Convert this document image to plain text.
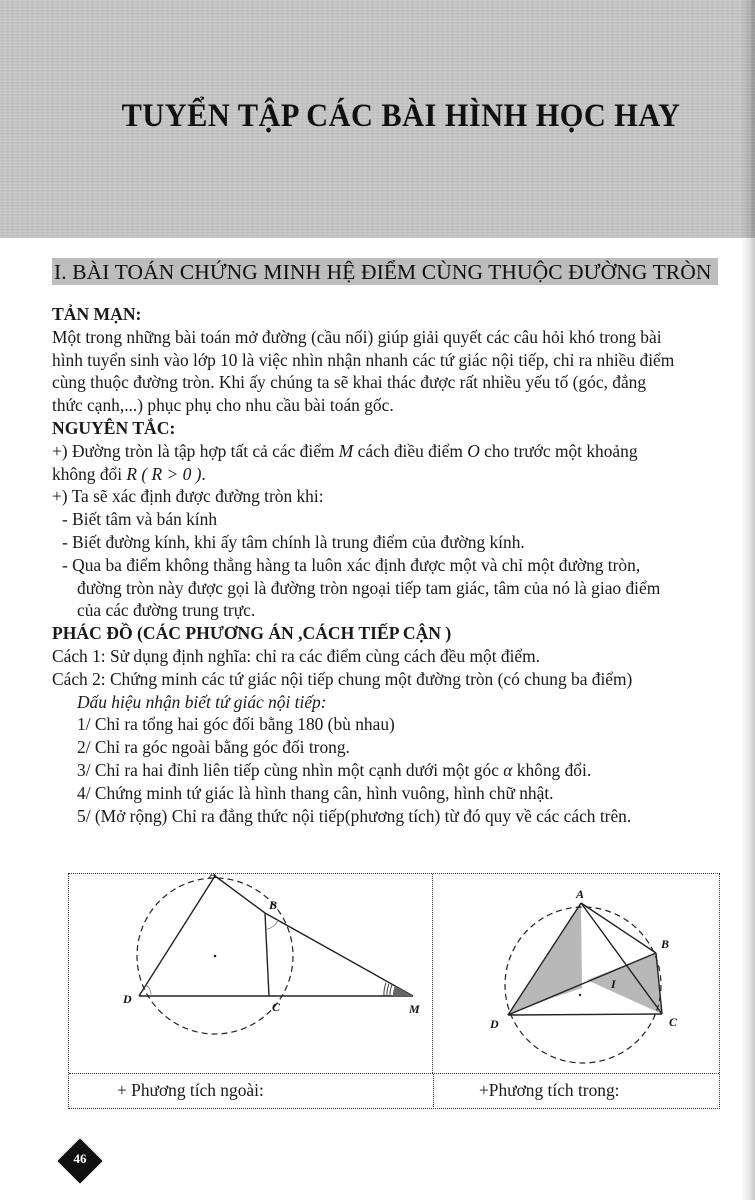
TUYỂN TẬP CÁC BÀI HÌNH HỌC HAY
I. BÀI TOÁN CHỨNG MINH HỆ ĐIỂM CÙNG THUỘC ĐƯỜNG TRÒN
TẢN MẠN:
Một trong những bài toán mở đường (cầu nối) giúp giải quyết các câu hỏi khó trong bài
hình tuyển sinh vào lớp 10 là việc nhìn nhận nhanh các tứ giác nội tiếp, chỉ ra nhiều điểm
cùng thuộc đường tròn. Khi ấy chúng ta sẽ khai thác được rất nhiều yếu tố (góc, đẳng
thức cạnh,...) phục phụ cho nhu cầu bài toán gốc.
NGUYÊN TẮC:
+) Đường tròn là tập hợp tất cả các điểm M cách điều điểm O cho trước một khoảng
không đổi R ( R > 0 ).
+) Ta sẽ xác định được đường tròn khi:
- Biết tâm và bán kính
- Biết đường kính, khi ấy tâm chính là trung điểm của đường kính.
- Qua ba điểm không thẳng hàng ta luôn xác định được một và chỉ một đường tròn,
đường tròn này được gọi là đường tròn ngoại tiếp tam giác, tâm của nó là giao điểm
của các đường trung trực.
PHÁC ĐỒ (CÁC PHƯƠNG ÁN ,CÁCH TIẾP CẬN )
Cách 1: Sử dụng định nghĩa: chỉ ra các điểm cùng cách đều một điểm.
Cách 2: Chứng minh các tứ giác nội tiếp chung một đường tròn (có chung ba điểm)
Dấu hiệu nhận biết tứ giác nội tiếp:
1/ Chỉ ra tổng hai góc đối bằng 180 (bù nhau)
2/ Chỉ ra góc ngoài bằng góc đối trong.
3/ Chỉ ra hai đỉnh liên tiếp cùng nhìn một cạnh dưới một góc α không đổi.
4/ Chứng minh tứ giác là hình thang cân, hình vuông, hình chữ nhật.
5/ (Mở rộng) Chỉ ra đẳng thức nội tiếp(phương tích) từ đó quy về các cách trên.
A
B
C
D
M
A
B
C
D
I
+ Phương tích ngoài:	+Phương tích trong:
46
